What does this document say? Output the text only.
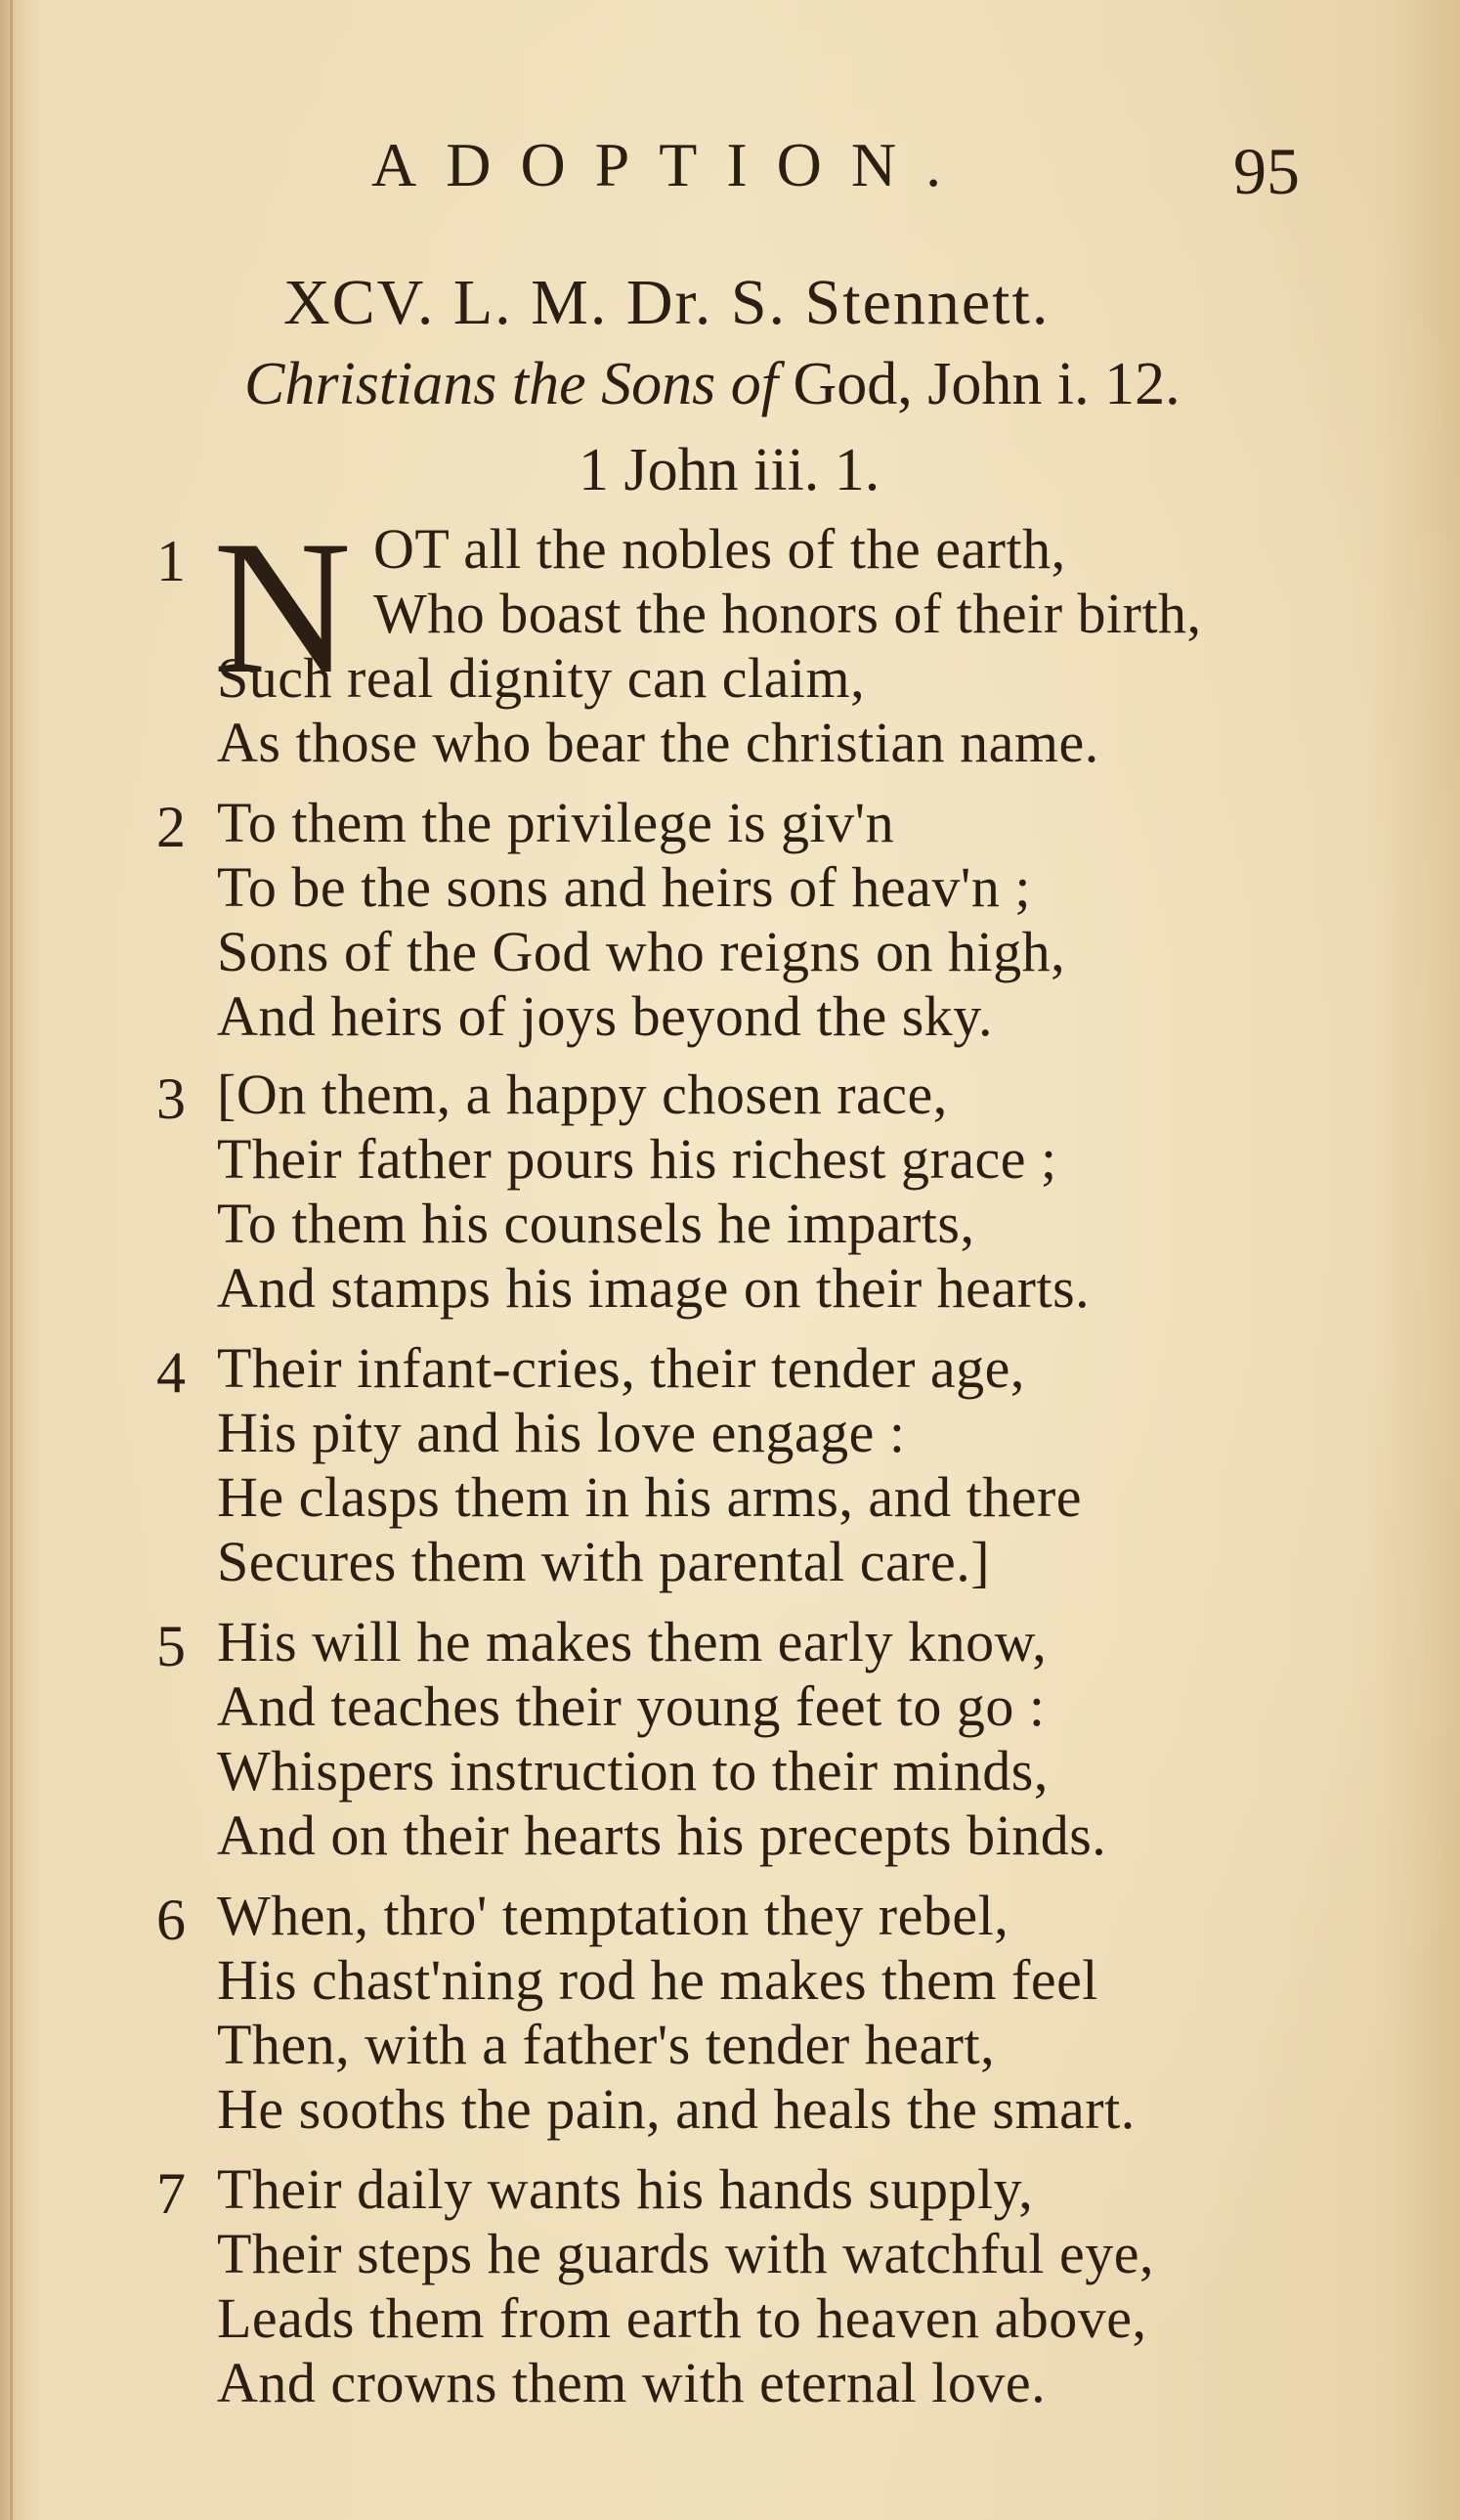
ADOPTION.	95
XCV. L. M. Dr. S. Stennett.
Christians the Sons of God, John i. 12.
1 John iii. 1.
1 N OT all the nobles of the earth,
Who boast the honors of their birth,
Such real dignity can claim,
As those who bear the christian name.
2 To them the privilege is giv'n
To be the sons and heirs of heav'n ;
Sons of the God who reigns on high,
And heirs of joys beyond the sky.
3 [On them, a happy chosen race,
Their father pours his richest grace ;
To them his counsels he imparts,
And stamps his image on their hearts.
4 Their infant-cries, their tender age,
His pity and his love engage :
He clasps them in his arms, and there
Secures them with parental care.]
5 His will he makes them early know,
And teaches their young feet to go :
Whispers instruction to their minds,
And on their hearts his precepts binds.
6 When, thro' temptation they rebel,
His chast'ning rod he makes them feel
Then, with a father's tender heart,
He sooths the pain, and heals the smart.
7 Their daily wants his hands supply,
Their steps he guards with watchful eye,
Leads them from earth to heaven above,
And crowns them with eternal love.
